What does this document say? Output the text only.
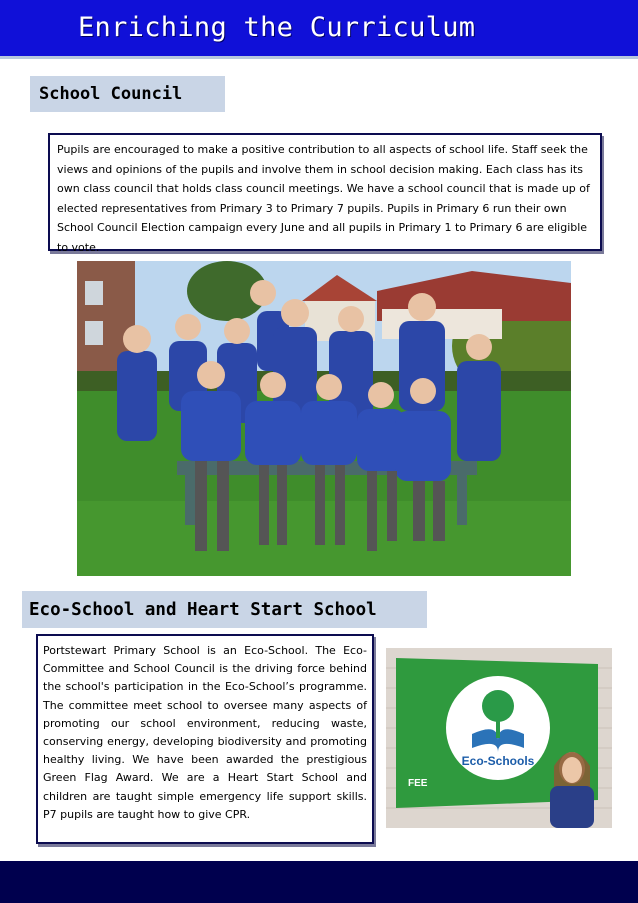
Enriching the Curriculum
School Council
Pupils are encouraged to make a positive contribution to all aspects of school life. Staff seek the views and opinions of the pupils and involve them in school decision making. Each class has its own class council that holds class council meetings. We have a school council that is made up of elected representatives from Primary 3 to Primary 7 pupils. Pupils in Primary 6 run their own School Council Election campaign every June and all pupils in Primary 1 to Primary 6 are eligible to vote.
Eco-School and Heart Start School
Portstewart Primary School is an Eco-School. The Eco-Committee and School Council is the driving force behind the school's participation in the Eco-School’s programme. The committee meet school to oversee many aspects of promoting our school environment, reducing waste, conserving energy, developing biodiversity and promoting healthy living. We have been awarded the prestigious Green Flag Award. We are a Heart Start School and children are taught simple emergency life support skills. P7 pupils are taught how to give CPR.
Eco-Schools
FEE
